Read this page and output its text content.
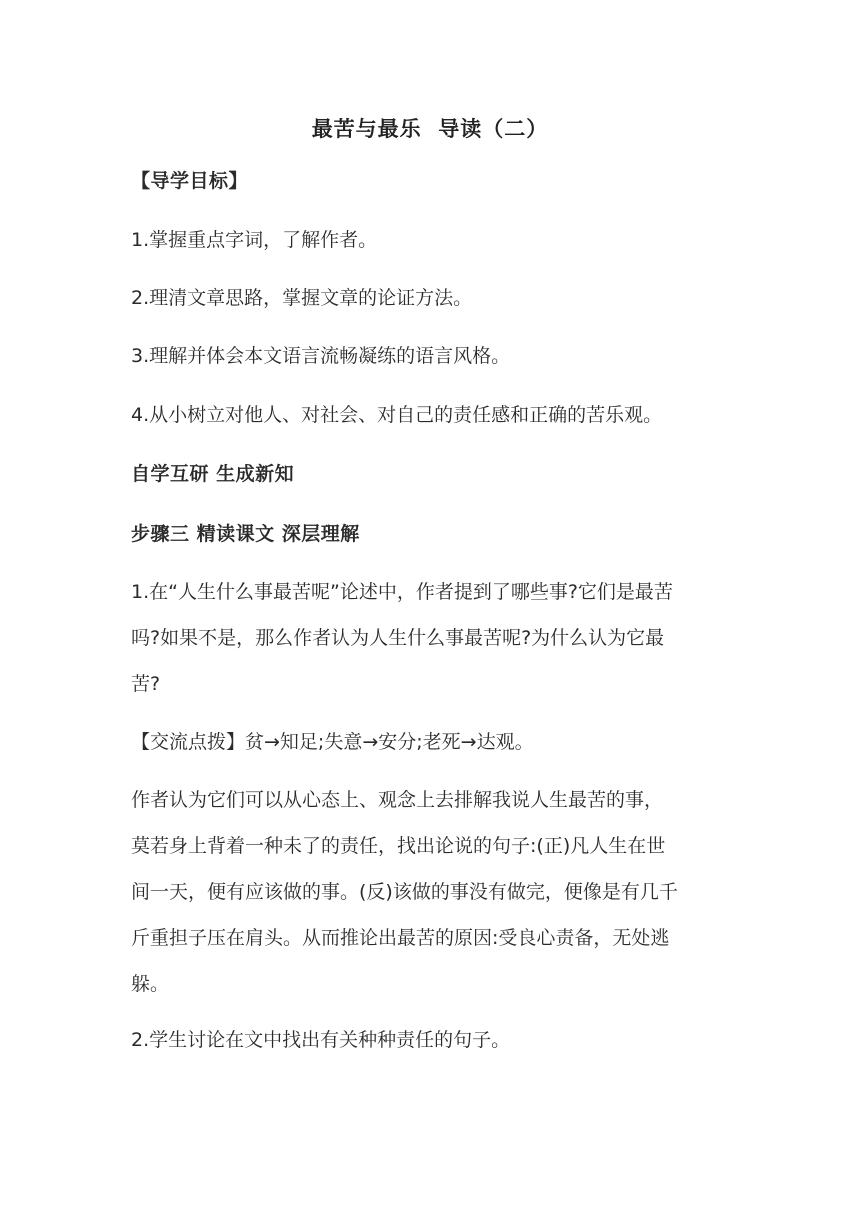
最苦与最乐  导读（二）
【导学目标】
1.掌握重点字词，了解作者。
2.理清文章思路，掌握文章的论证方法。
3.理解并体会本文语言流畅凝练的语言风格。
4.从小树立对他人、对社会、对自己的责任感和正确的苦乐观。
自学互研 生成新知
步骤三 精读课文 深层理解
1.在“人生什么事最苦呢”论述中，作者提到了哪些事?它们是最苦
吗?如果不是，那么作者认为人生什么事最苦呢?为什么认为它最
苦?
【交流点拨】贫→知足;失意→安分;老死→达观。
作者认为它们可以从心态上、观念上去排解我说人生最苦的事，
莫若身上背着一种未了的责任，找出论说的句子:(正)凡人生在世
间一天，便有应该做的事。(反)该做的事没有做完，便像是有几千
斤重担子压在肩头。从而推论出最苦的原因:受良心责备，无处逃
躲。
2.学生讨论在文中找出有关种种责任的句子。
